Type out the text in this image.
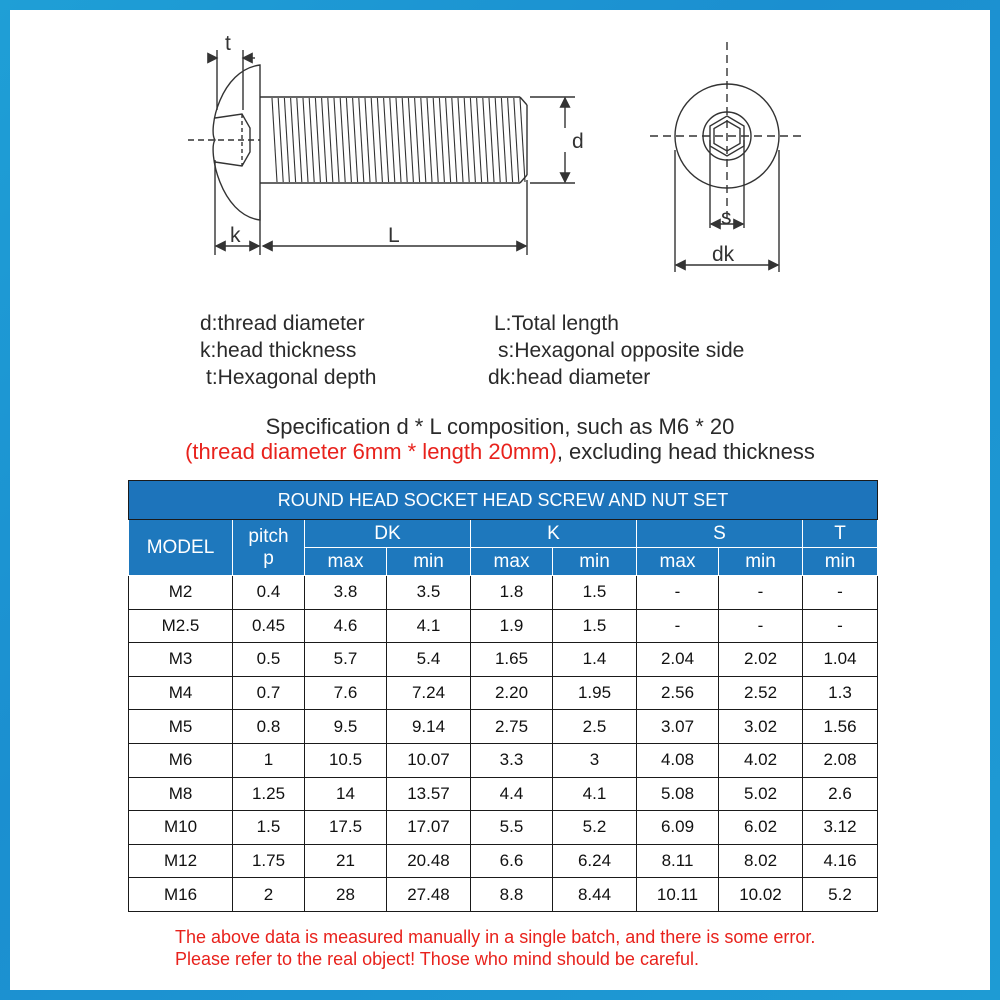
t
d
k	L
s
dk
d:thread diameter
k:head thickness
t:Hexagonal depth
L:Total length
s:Hexagonal opposite side
dk:head diameter
Specification d * L composition, such as M6 * 20
(thread diameter 6mm * length 20mm), excluding head thickness
ROUND HEAD SOCKET HEAD SCREW AND NUT SET								
MODEL	pitch
p	DK		K		S		T
		max	min	max	min	max	min	min
M2	0.4	3.8	3.5	1.8	1.5	-	-	-
M2.5	0.45	4.6	4.1	1.9	1.5	-	-	-
M3	0.5	5.7	5.4	1.65	1.4	2.04	2.02	1.04
M4	0.7	7.6	7.24	2.20	1.95	2.56	2.52	1.3
M5	0.8	9.5	9.14	2.75	2.5	3.07	3.02	1.56
M6	1	10.5	10.07	3.3	3	4.08	4.02	2.08
M8	1.25	14	13.57	4.4	4.1	5.08	5.02	2.6
M10	1.5	17.5	17.07	5.5	5.2	6.09	6.02	3.12
M12	1.75	21	20.48	6.6	6.24	8.11	8.02	4.16
M16	2	28	27.48	8.8	8.44	10.11	10.02	5.2
The above data is measured manually in a single batch, and there is some error. Please refer to the real object! Those who mind should be careful.
